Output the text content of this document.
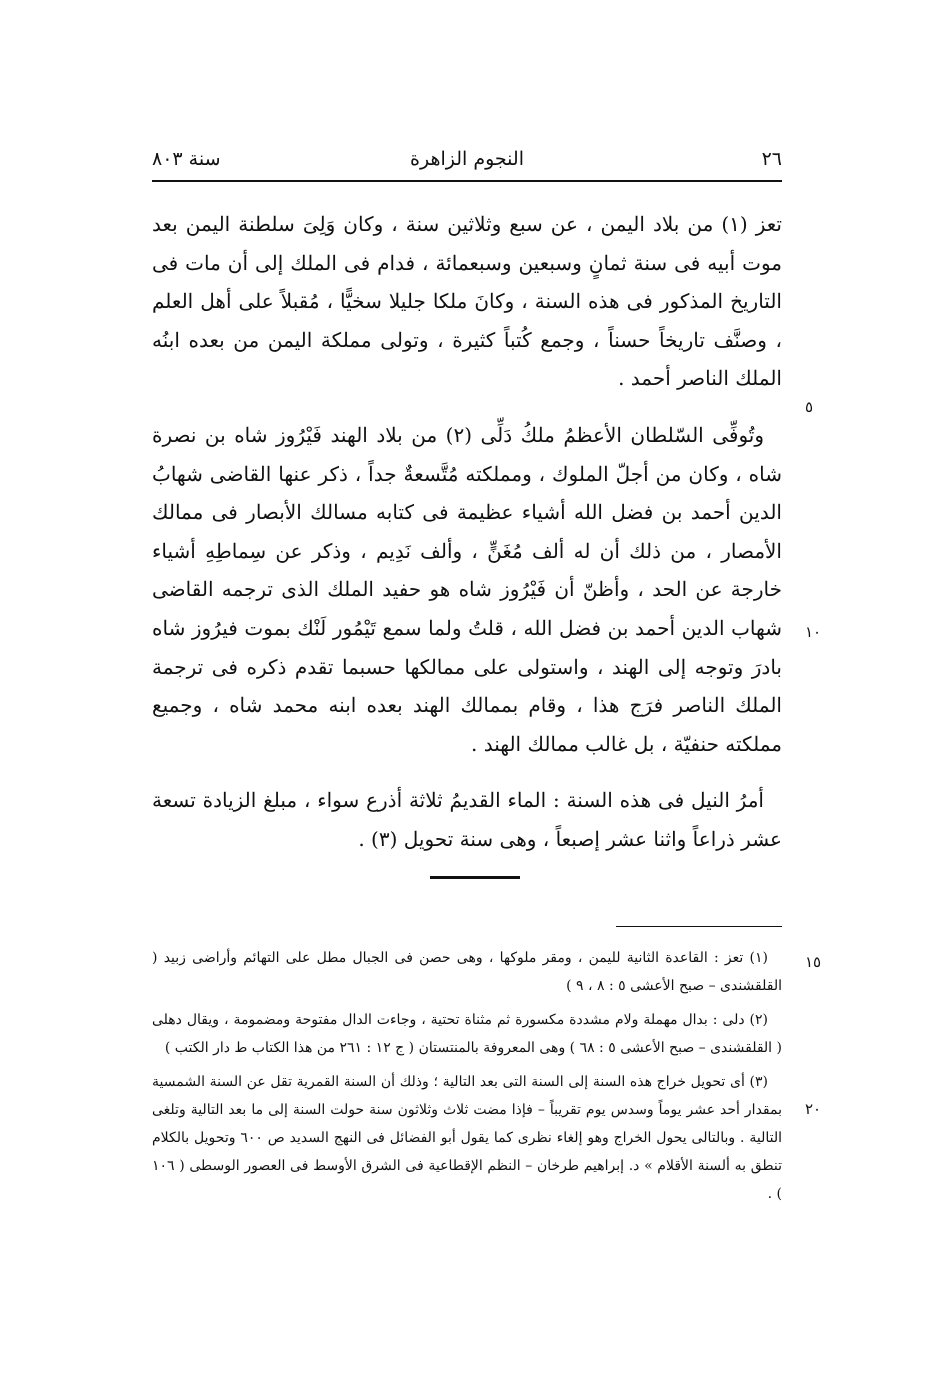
٢٦
النجوم الزاهرة
سنة ٨٠٣

تعز (١) من بلاد اليمن ، عن سبع وثلاثين سنة ، وكان وَلِىَ سلطنة اليمن بعد موت أبيه فى سنة ثمانٍ وسبعين وسبعمائة ، فدام فى الملك إلى أن مات فى التاريخ المذكور فى هذه السنة ، وكانَ ملكا جليلا سخيًّا ، مُقبلاً على أهل العلم ، وصنَّف تاريخاً حسناً ، وجمع كُتباً كثيرة ، وتولى مملكة اليمن من بعده ابنُه الملك الناصر أحمد .

وتُوفِّى السّلطان الأعظمُ ملكُ دَلِّى (٢) من بلاد الهند فَيْرُوز شاه بن نصرة شاه ، وكان من أجلّ الملوك ، ومملكته مُتَّسعةٌ جداً ، ذكر عنها القاضى شهابُ الدين أحمد بن فضل الله أشياء عظيمة فى كتابه مسالك الأبصار فى ممالك الأمصار ، من ذلك أن له ألف مُغَنٍّ ، وألف نَدِيم ، وذكر عن سِماطِهِ أشياء خارجة عن الحد ، وأظنّ أن فَيْرُوز شاه هو حفيد الملك الذى ترجمه القاضى شهاب الدين أحمد بن فضل الله ، قلتُ ولما سمع تَيْمُور لَنْك بموت فيرُوز شاه بادرَ وتوجه إلى الهند ، واستولى على ممالكها حسبما تقدم ذكره فى ترجمة الملك الناصر فرَج هذا ، وقام بممالك الهند بعده ابنه محمد شاه ، وجميع مملكته حنفيّة ، بل غالب ممالك الهند .

أمرُ النيل فى هذه السنة : الماء القديمُ ثلاثة أذرع سواء ، مبلغ الزيادة تسعة عشر ذراعاً واثنا عشر إصبعاً ، وهى سنة تحويل (٣) .

٥
١٠
١٥
٢٠

(١) تعز : القاعدة الثانية لليمن ، ومقر ملوكها ، وهى حصن فى الجبال مطل على التهائم وأراضى زبيد ( القلقشندى – صبح الأعشى ٥ : ٨ ، ٩ )

(٢) دلى : بدال مهملة ولام مشددة مكسورة ثم مثناة تحتية ، وجاءت الدال مفتوحة ومضمومة ، ويقال دهلى ( القلقشندى – صبح الأعشى ٥ : ٦٨ ) وهى المعروفة بالمنتستان ( ج ١٢ : ٢٦١ من هذا الكتاب ط دار الكتب )

(٣) أى تحويل خراج هذه السنة إلى السنة التى بعد التالية ؛ وذلك أن السنة القمرية تقل عن السنة الشمسية بمقدار أحد عشر يوماً وسدس يوم تقريباً – فإذا مضت ثلاث وثلاثون سنة حولت السنة إلى ما بعد التالية وتلغى التالية . وبالتالى يحول الخراج وهو إلغاء نظرى كما يقول أبو الفضائل فى النهج السديد ص ٦٠٠ وتحويل بالكلام تنطق به ألسنة الأقلام » د. إبراهيم طرخان – النظم الإقطاعية فى الشرق الأوسط فى العصور الوسطى ( ١٠٦ ) .
